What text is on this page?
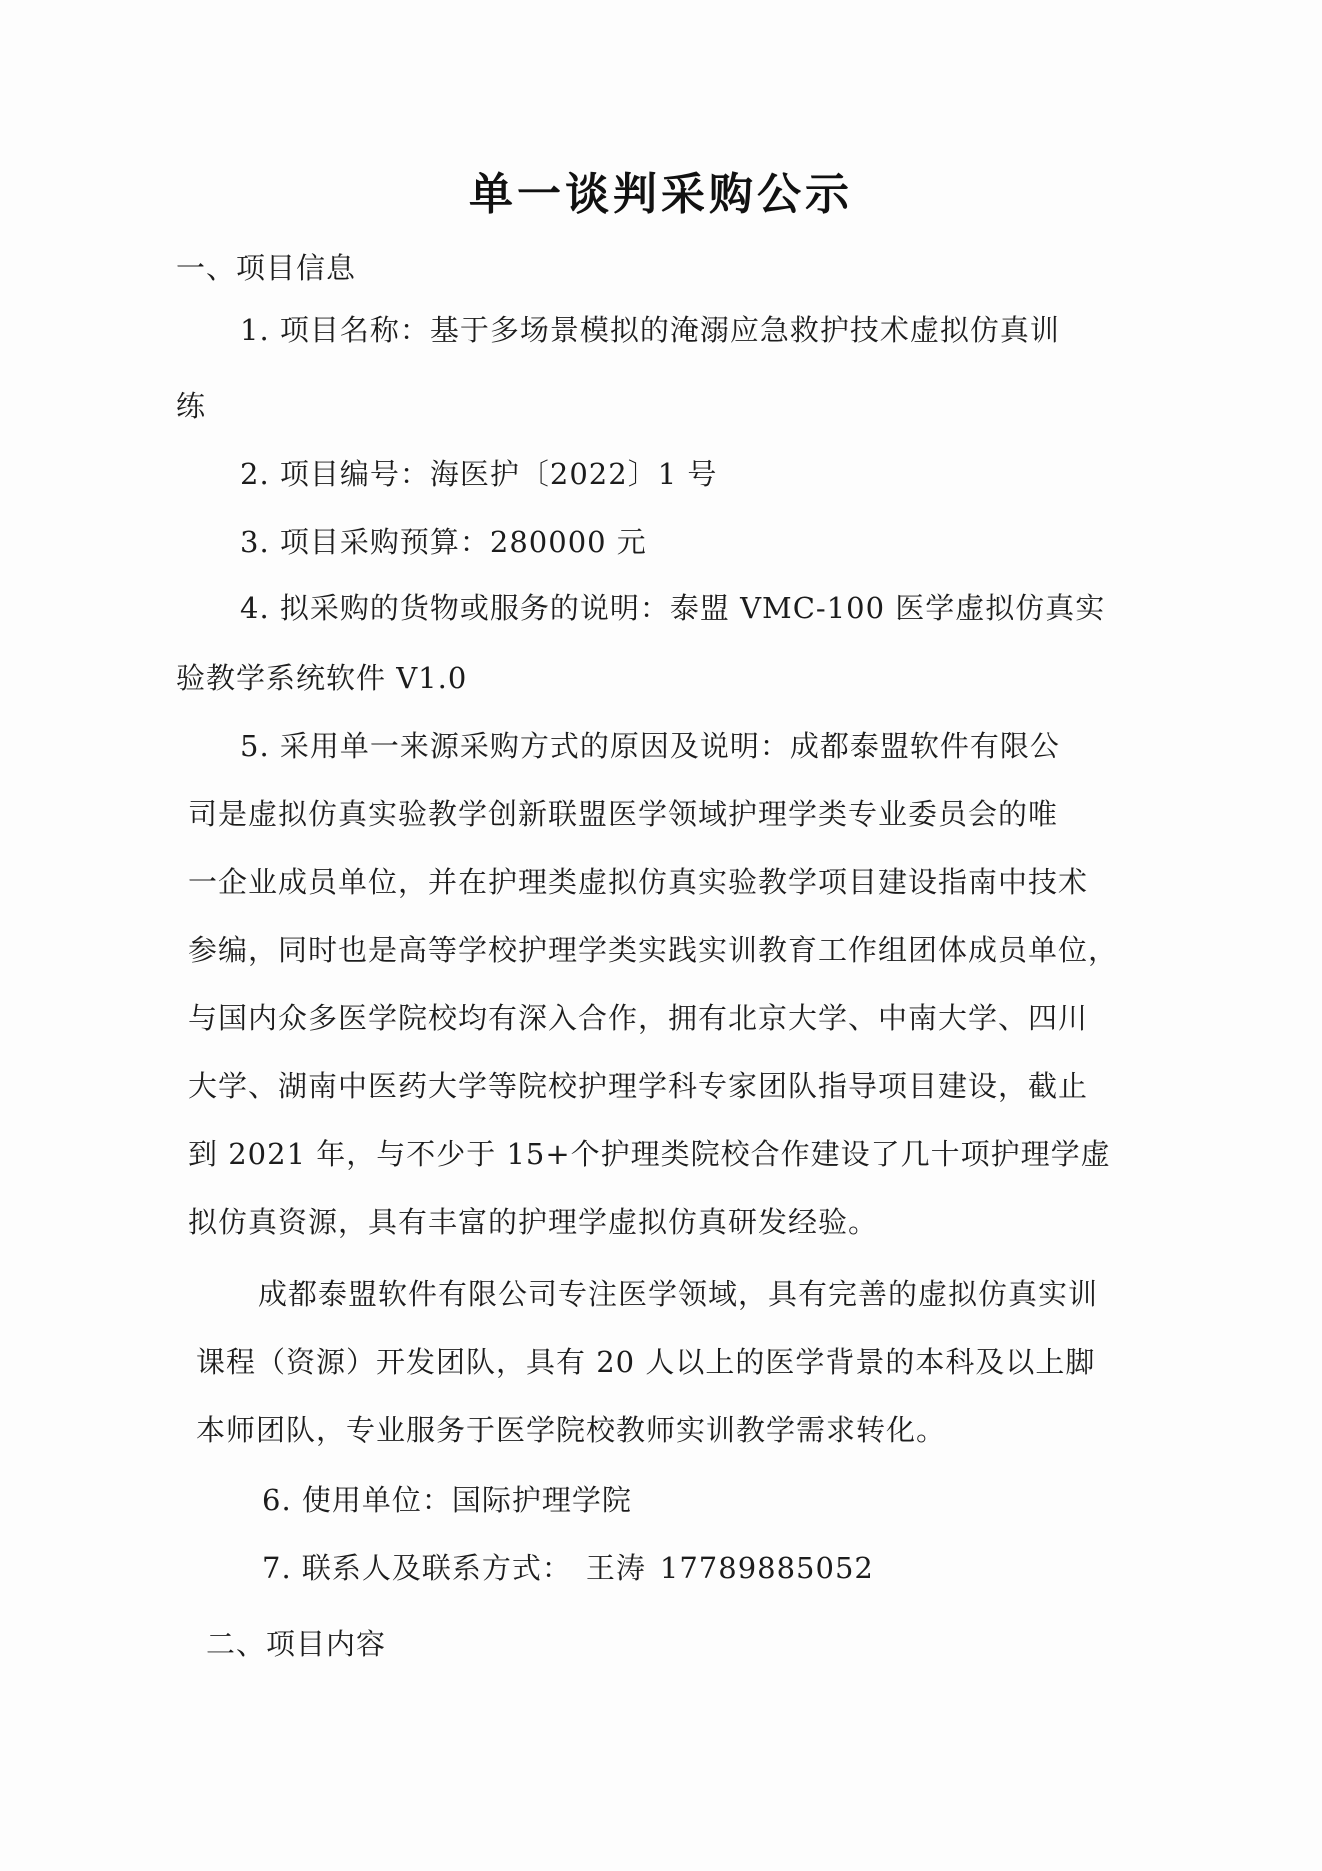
单一谈判采购公示
一、项目信息
1. 项目名称：基于多场景模拟的淹溺应急救护技术虚拟仿真训
练
2. 项目编号：海医护〔2022〕1 号
3. 项目采购预算：280000 元
4. 拟采购的货物或服务的说明：泰盟 VMC-100 医学虚拟仿真实
验教学系统软件 V1.0
5. 采用单一来源采购方式的原因及说明：成都泰盟软件有限公
司是虚拟仿真实验教学创新联盟医学领域护理学类专业委员会的唯
一企业成员单位，并在护理类虚拟仿真实验教学项目建设指南中技术
参编，同时也是高等学校护理学类实践实训教育工作组团体成员单位，
与国内众多医学院校均有深入合作，拥有北京大学、中南大学、四川
大学、湖南中医药大学等院校护理学科专家团队指导项目建设，截止
到 2021 年，与不少于 15+个护理类院校合作建设了几十项护理学虚
拟仿真资源，具有丰富的护理学虚拟仿真研发经验。
成都泰盟软件有限公司专注医学领域，具有完善的虚拟仿真实训
课程（资源）开发团队，具有 20 人以上的医学背景的本科及以上脚
本师团队，专业服务于医学院校教师实训教学需求转化。
6. 使用单位：国际护理学院
7. 联系人及联系方式： 王涛 17789885052
二、项目内容
